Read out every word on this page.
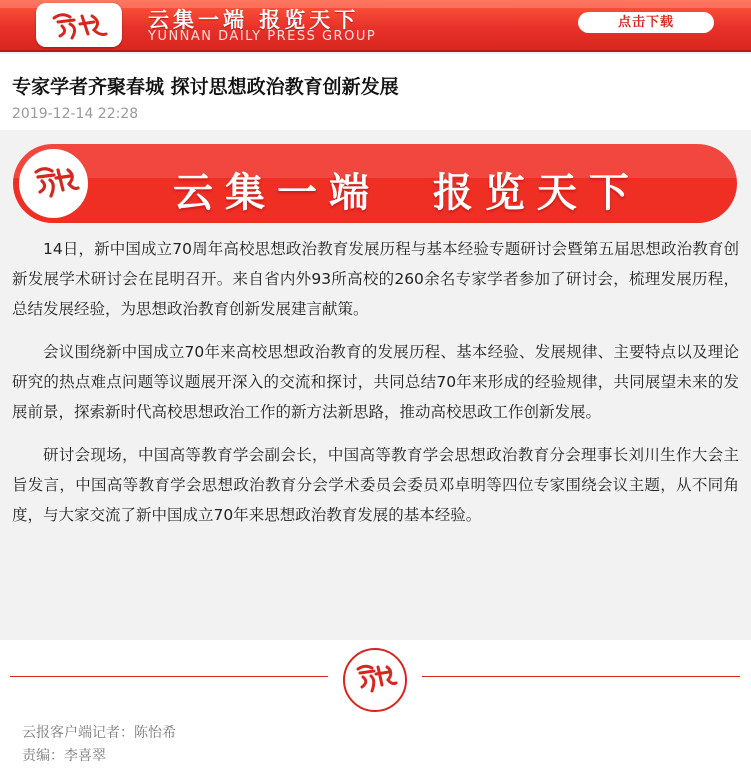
云集一端 报览天下
YUNNAN DAILY PRESS GROUP
点击下载
专家学者齐聚春城 探讨思想政治教育创新发展
2019-12-14 22:28
云集一端  报览天下

14日，新中国成立70周年高校思想政治教育发展历程与基本经验专题研讨会暨第五届思想政治教育创新发展学术研讨会在昆明召开。来自省内外93所高校的260余名专家学者参加了研讨会，梳理发展历程，总结发展经验，为思想政治教育创新发展建言献策。

会议围绕新中国成立70年来高校思想政治教育的发展历程、基本经验、发展规律、主要特点以及理论研究的热点难点问题等议题展开深入的交流和探讨，共同总结70年来形成的经验规律，共同展望未来的发展前景，探索新时代高校思想政治工作的新方法新思路，推动高校思政工作创新发展。

研讨会现场，中国高等教育学会副会长，中国高等教育学会思想政治教育分会理事长刘川生作大会主旨发言，中国高等教育学会思想政治教育分会学术委员会委员邓卓明等四位专家围绕会议主题，从不同角度，与大家交流了新中国成立70年来思想政治教育发展的基本经验。

云报客户端记者：陈怡希
责编：李喜翠
